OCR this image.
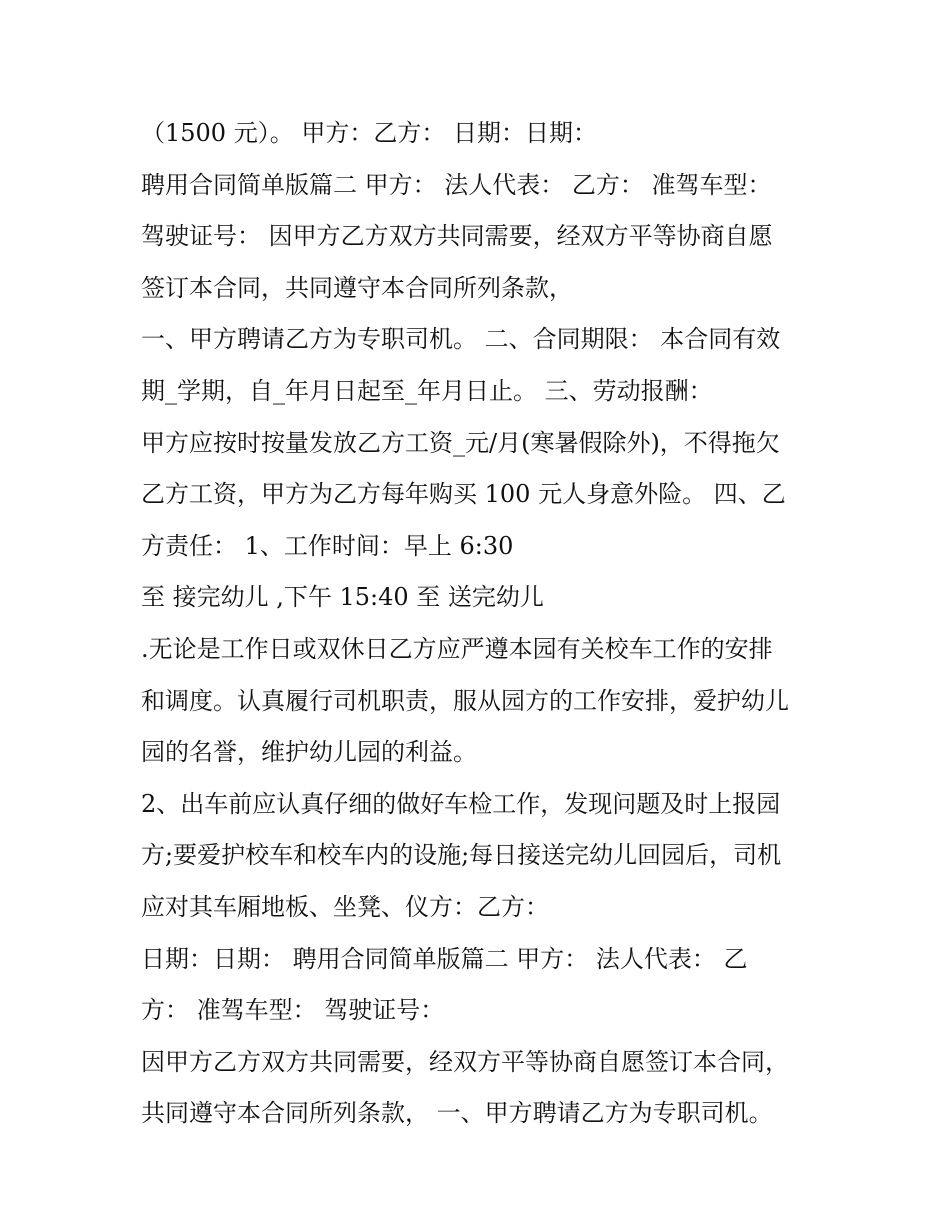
（1500 元）。 甲方：乙方： 日期：日期：
聘用合同简单版篇二 甲方： 法人代表： 乙方： 准驾车型：
驾驶证号： 因甲方乙方双方共同需要，经双方平等协商自愿
签订本合同，共同遵守本合同所列条款，
一、甲方聘请乙方为专职司机。 二、合同期限： 本合同有效
期_学期，自_年月日起至_年月日止。 三、劳动报酬：
甲方应按时按量发放乙方工资_元/月(寒暑假除外)，不得拖欠
乙方工资，甲方为乙方每年购买 100 元人身意外险。 四、乙
方责任： 1、工作时间：早上 6:30
至 接完幼儿 ,下午 15:40 至 送完幼儿
.无论是工作日或双休日乙方应严遵本园有关校车工作的安排
和调度。认真履行司机职责，服从园方的工作安排，爱护幼儿
园的名誉，维护幼儿园的利益。
2、出车前应认真仔细的做好车检工作，发现问题及时上报园
方;要爱护校车和校车内的设施;每日接送完幼儿回园后，司机
应对其车厢地板、坐凳、仪方：乙方：
日期：日期： 聘用合同简单版篇二 甲方： 法人代表： 乙
方： 准驾车型： 驾驶证号：
因甲方乙方双方共同需要，经双方平等协商自愿签订本合同，
共同遵守本合同所列条款， 一、甲方聘请乙方为专职司机。
